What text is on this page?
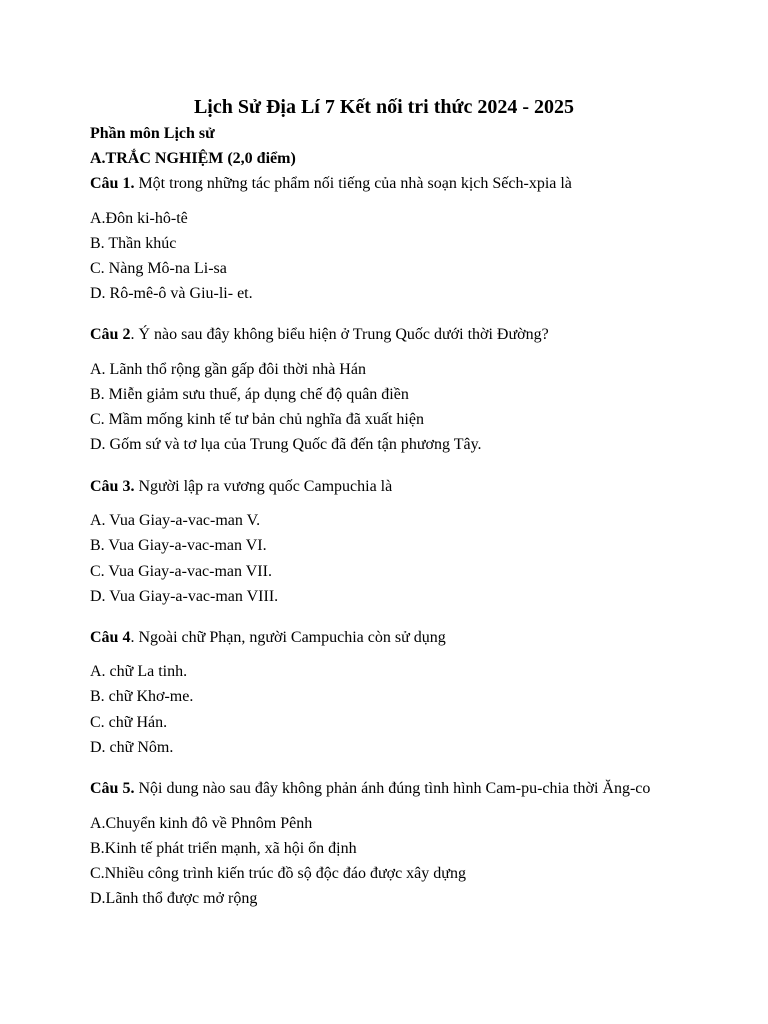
Lịch Sử Địa Lí 7 Kết nối tri thức 2024 - 2025
Phần môn Lịch sử
A.TRẮC NGHIỆM (2,0 điểm)
Câu 1. Một trong những tác phẩm nối tiếng của nhà soạn kịch Sếch-xpia là
A.Đôn ki-hô-tê
B. Thần khúc
C. Nàng Mô-na Li-sa
D. Rô-mê-ô và Giu-li- et.
Câu 2. Ý nào sau đây không biểu hiện ở Trung Quốc dưới thời Đường?
A. Lãnh thổ rộng gần gấp đôi thời nhà Hán
B. Miễn giảm sưu thuế, áp dụng chế độ quân điền
C. Mầm mống kinh tế tư bản chủ nghĩa đã xuất hiện
D. Gốm sứ và tơ lụa của Trung Quốc đã đến tận phương Tây.
Câu 3. Người lập ra vương quốc Campuchia là
A. Vua Giay-a-vac-man V.
B. Vua Giay-a-vac-man VI.
C. Vua Giay-a-vac-man VII.
D. Vua Giay-a-vac-man VIII.
Câu 4. Ngoài chữ Phạn, người Campuchia còn sử dụng
A. chữ La tinh.
B. chữ Khơ-me.
C. chữ Hán.
D. chữ Nôm.
Câu 5. Nội dung nào sau đây không phản ánh đúng tình hình Cam-pu-chia thời Ăng-co
A.Chuyển kinh đô về Phnôm Pênh
B.Kinh tế phát triển mạnh, xã hội ổn định
C.Nhiều công trình kiến trúc đồ sộ độc đáo được xây dựng
D.Lãnh thổ được mở rộng
